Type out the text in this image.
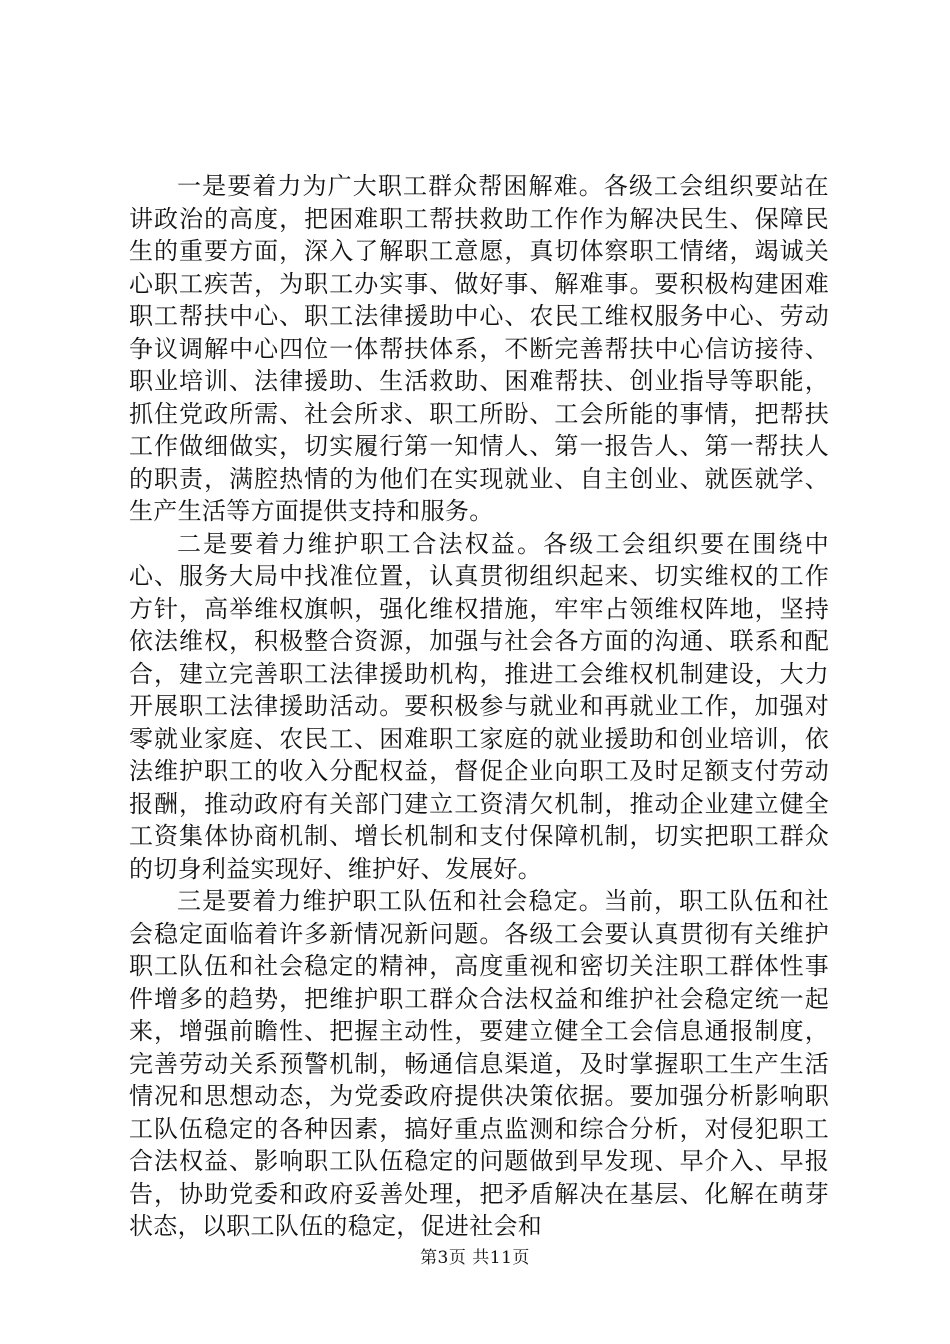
一是要着力为广大职工群众帮困解难。各级工会组织要站在讲政治的高度，把困难职工帮扶救助工作作为解决民生、保障民生的重要方面，深入了解职工意愿，真切体察职工情绪，竭诚关心职工疾苦，为职工办实事、做好事、解难事。要积极构建困难职工帮扶中心、职工法律援助中心、农民工维权服务中心、劳动争议调解中心四位一体帮扶体系，不断完善帮扶中心信访接待、职业培训、法律援助、生活救助、困难帮扶、创业指导等职能，抓住党政所需、社会所求、职工所盼、工会所能的事情，把帮扶工作做细做实，切实履行第一知情人、第一报告人、第一帮扶人的职责，满腔热情的为他们在实现就业、自主创业、就医就学、生产生活等方面提供支持和服务。

二是要着力维护职工合法权益。各级工会组织要在围绕中心、服务大局中找准位置，认真贯彻组织起来、切实维权的工作方针，高举维权旗帜，强化维权措施，牢牢占领维权阵地，坚持依法维权，积极整合资源，加强与社会各方面的沟通、联系和配合，建立完善职工法律援助机构，推进工会维权机制建设，大力开展职工法律援助活动。要积极参与就业和再就业工作，加强对零就业家庭、农民工、困难职工家庭的就业援助和创业培训，依法维护职工的收入分配权益，督促企业向职工及时足额支付劳动报酬，推动政府有关部门建立工资清欠机制，推动企业建立健全工资集体协商机制、增长机制和支付保障机制，切实把职工群众的切身利益实现好、维护好、发展好。

三是要着力维护职工队伍和社会稳定。当前，职工队伍和社会稳定面临着许多新情况新问题。各级工会要认真贯彻有关维护职工队伍和社会稳定的精神，高度重视和密切关注职工群体性事件增多的趋势，把维护职工群众合法权益和维护社会稳定统一起来，增强前瞻性、把握主动性，要建立健全工会信息通报制度，完善劳动关系预警机制，畅通信息渠道，及时掌握职工生产生活情况和思想动态，为党委政府提供决策依据。要加强分析影响职工队伍稳定的各种因素，搞好重点监测和综合分析，对侵犯职工合法权益、影响职工队伍稳定的问题做到早发现、早介入、早报告，协助党委和政府妥善处理，把矛盾解决在基层、化解在萌芽状态，以职工队伍的稳定，促进社会和

第3页 共11页
